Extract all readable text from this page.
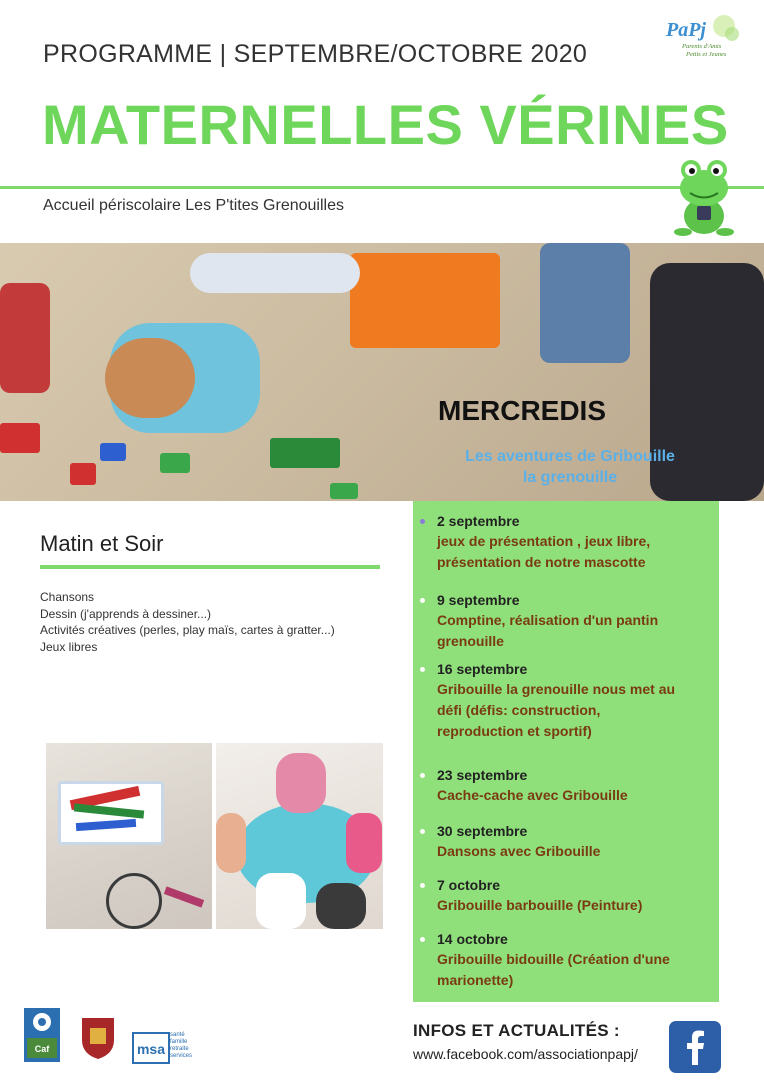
PROGRAMME | SEPTEMBRE/OCTOBRE 2020
MATERNELLES VÉRINES
Accueil périscolaire Les P'tites Grenouilles
PaPj
Parents d'Amis
Petits et Jeunes
MERCREDIS
Les aventures de Gribouille
la grenouille
Matin et Soir
Chansons
Dessin (j'apprends à dessiner...)
Activités créatives (perles, play maïs, cartes à gratter...)
Jeux libres
2 septembre
jeux de présentation , jeux libre, présentation de notre mascotte
9 septembre
Comptine, réalisation d'un pantin grenouille
16 septembre
Gribouille la grenouille nous met au défi (défis: construction, reproduction et sportif)
23 septembre
Cache-cache avec Gribouille
30 septembre
Dansons avec Gribouille
7 octobre
Gribouille barbouille (Peinture)
14 octobre
Gribouille bidouille (Création d'une marionette)
Caf	msa
santé
famille
retraite
services
INFOS ET ACTUALITÉS :
www.facebook.com/associationpapj/
